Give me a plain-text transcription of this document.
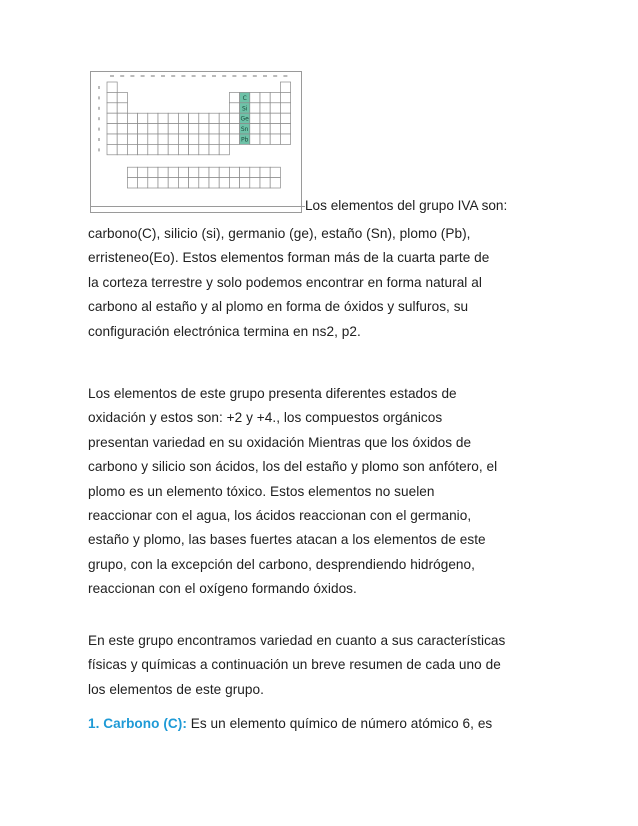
C
Si
Ge
Sn
Pb
Los elementos del grupo IVA son:
carbono(C), silicio (si), germanio (ge), estaño (Sn), plomo (Pb),
erristeneo(Eo). Estos elementos forman más de la cuarta parte de
la corteza terrestre y solo podemos encontrar en forma natural al
carbono al estaño y al plomo en forma de óxidos y sulfuros, su
configuración electrónica termina en ns2, p2.
Los elementos de este grupo presenta diferentes estados de
oxidación y estos son: +2 y +4., los compuestos orgánicos
presentan variedad en su oxidación Mientras que los óxidos de
carbono y silicio son ácidos, los del estaño y plomo son anfótero, el
plomo es un elemento tóxico. Estos elementos no suelen
reaccionar con el agua, los ácidos reaccionan con el germanio,
estaño y plomo, las bases fuertes atacan a los elementos de este
grupo, con la excepción del carbono, desprendiendo hidrógeno,
reaccionan con el oxígeno formando óxidos.
En este grupo encontramos variedad en cuanto a sus características
físicas y químicas a continuación un breve resumen de cada uno de
los elementos de este grupo.
1. Carbono (C): Es un elemento químico de número atómico 6, es
